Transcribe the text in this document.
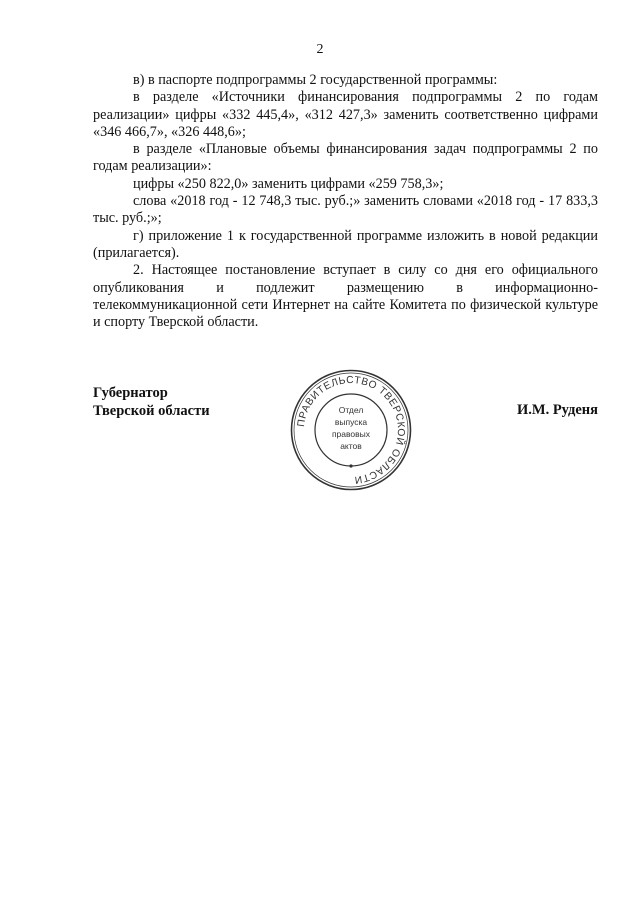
2

в) в паспорте подпрограммы 2 государственной программы:

в разделе «Источники финансирования подпрограммы 2 по годам реализации» цифры «332 445,4», «312 427,3» заменить соответственно цифрами «346 466,7», «326 448,6»;

в разделе «Плановые объемы финансирования задач подпрограммы 2 по годам реализации»:

цифры «250 822,0» заменить цифрами «259 758,3»;

слова «2018 год - 12 748,3 тыс. руб.;» заменить словами «2018 год - 17 833,3 тыс. руб.;»;

г) приложение 1 к государственной программе изложить в новой редакции (прилагается).

2. Настоящее постановление вступает в силу со дня его официального опубликования и подлежит размещению в информационно-телекоммуникационной сети Интернет на сайте Комитета по физической культуре и спорту Тверской области.

Губернатор
Тверской области
ПРАВИТЕЛЬСТВО ТВЕРСКОЙ ОБЛАСТИ
Отдел
выпуска
правовых
актов
И.М. Руденя
